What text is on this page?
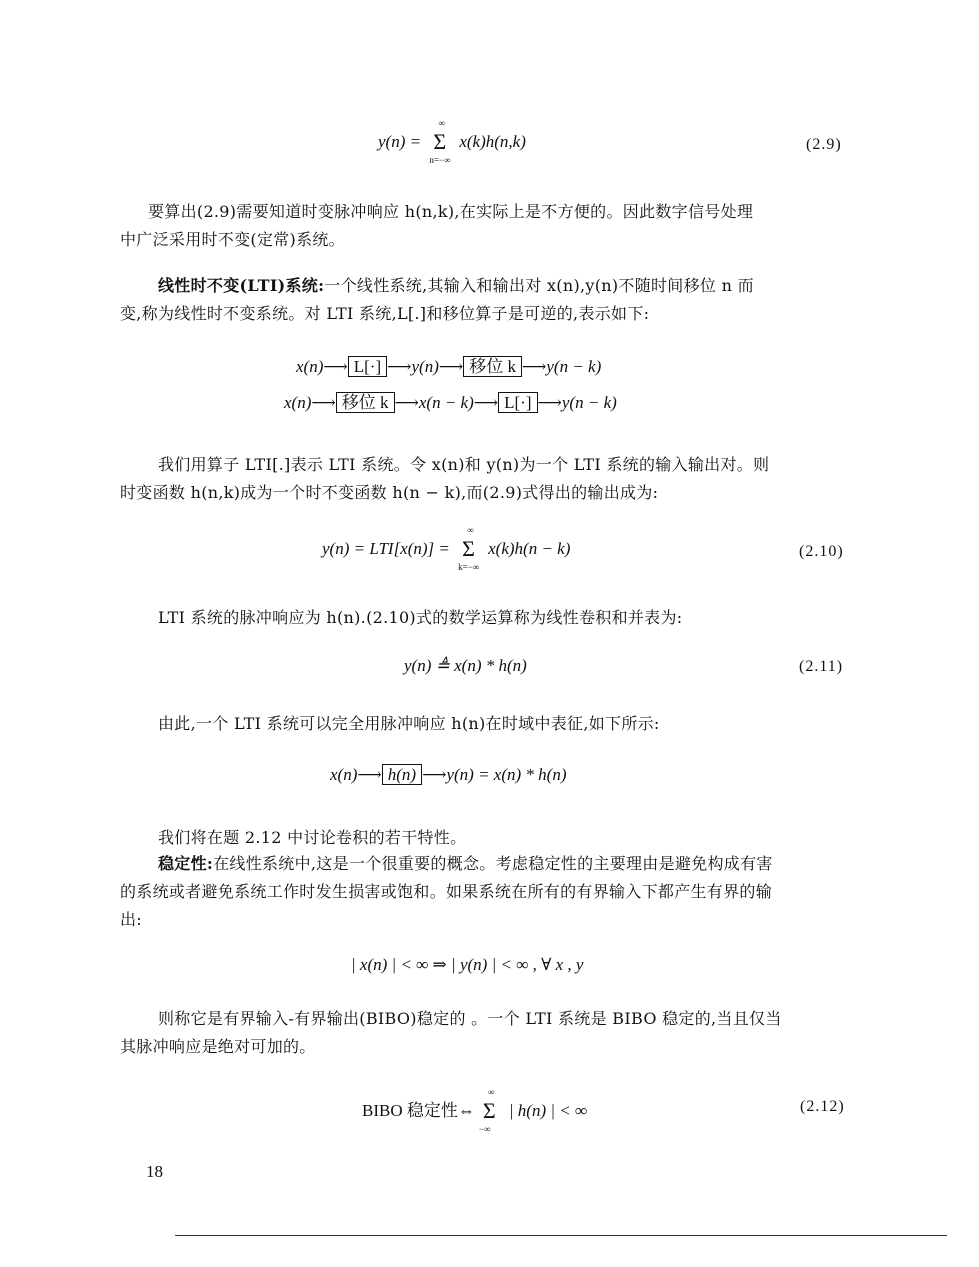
y(n) =
∞
Σ
n=−∞
x(k)h(n,k)	(2.9)
要算出(2.9)需要知道时变脉冲响应 h(n,k),在实际上是不方便的。因此数字信号处理
中广泛采用时不变(定常)系统。
线性时不变(LTI)系统:一个线性系统,其输入和输出对 x(n),y(n)不随时间移位 n 而
变,称为线性时不变系统。对 LTI 系统,L[.]和移位算子是可逆的,表示如下:
x(n)⟶ L[·] ⟶y(n)⟶ 移位 k ⟶y(n − k)
x(n)⟶ 移位 k ⟶x(n − k)⟶ L[·] ⟶y(n − k)
我们用算子 LTI[.]表示 LTI 系统。令 x(n)和 y(n)为一个 LTI 系统的输入输出对。则
时变函数 h(n,k)成为一个时不变函数 h(n − k),而(2.9)式得出的输出成为:
y(n) = LTI[x(n)] =
∞
Σ
k=−∞
x(k)h(n − k)	(2.10)
LTI 系统的脉冲响应为 h(n).(2.10)式的数学运算称为线性卷积和并表为:
y(n) ≜ x(n) * h(n)	(2.11)
由此,一个 LTI 系统可以完全用脉冲响应 h(n)在时域中表征,如下所示:
x(n)⟶ h(n) ⟶y(n) = x(n) * h(n)
我们将在题 2.12 中讨论卷积的若干特性。
稳定性:在线性系统中,这是一个很重要的概念。考虑稳定性的主要理由是避免构成有害
的系统或者避免系统工作时发生损害或饱和。如果系统在所有的有界输入下都产生有界的输
出:
| x(n) | < ∞ ⇒ | y(n) | < ∞ , ∀ x , y
则称它是有界输入-有界输出(BIBO)稳定的 。一个 LTI 系统是 BIBO 稳定的,当且仅当
其脉冲响应是绝对可加的。
BIBO 稳定性⇔
∞
Σ
−∞
| h(n) | < ∞	(2.12)
18
